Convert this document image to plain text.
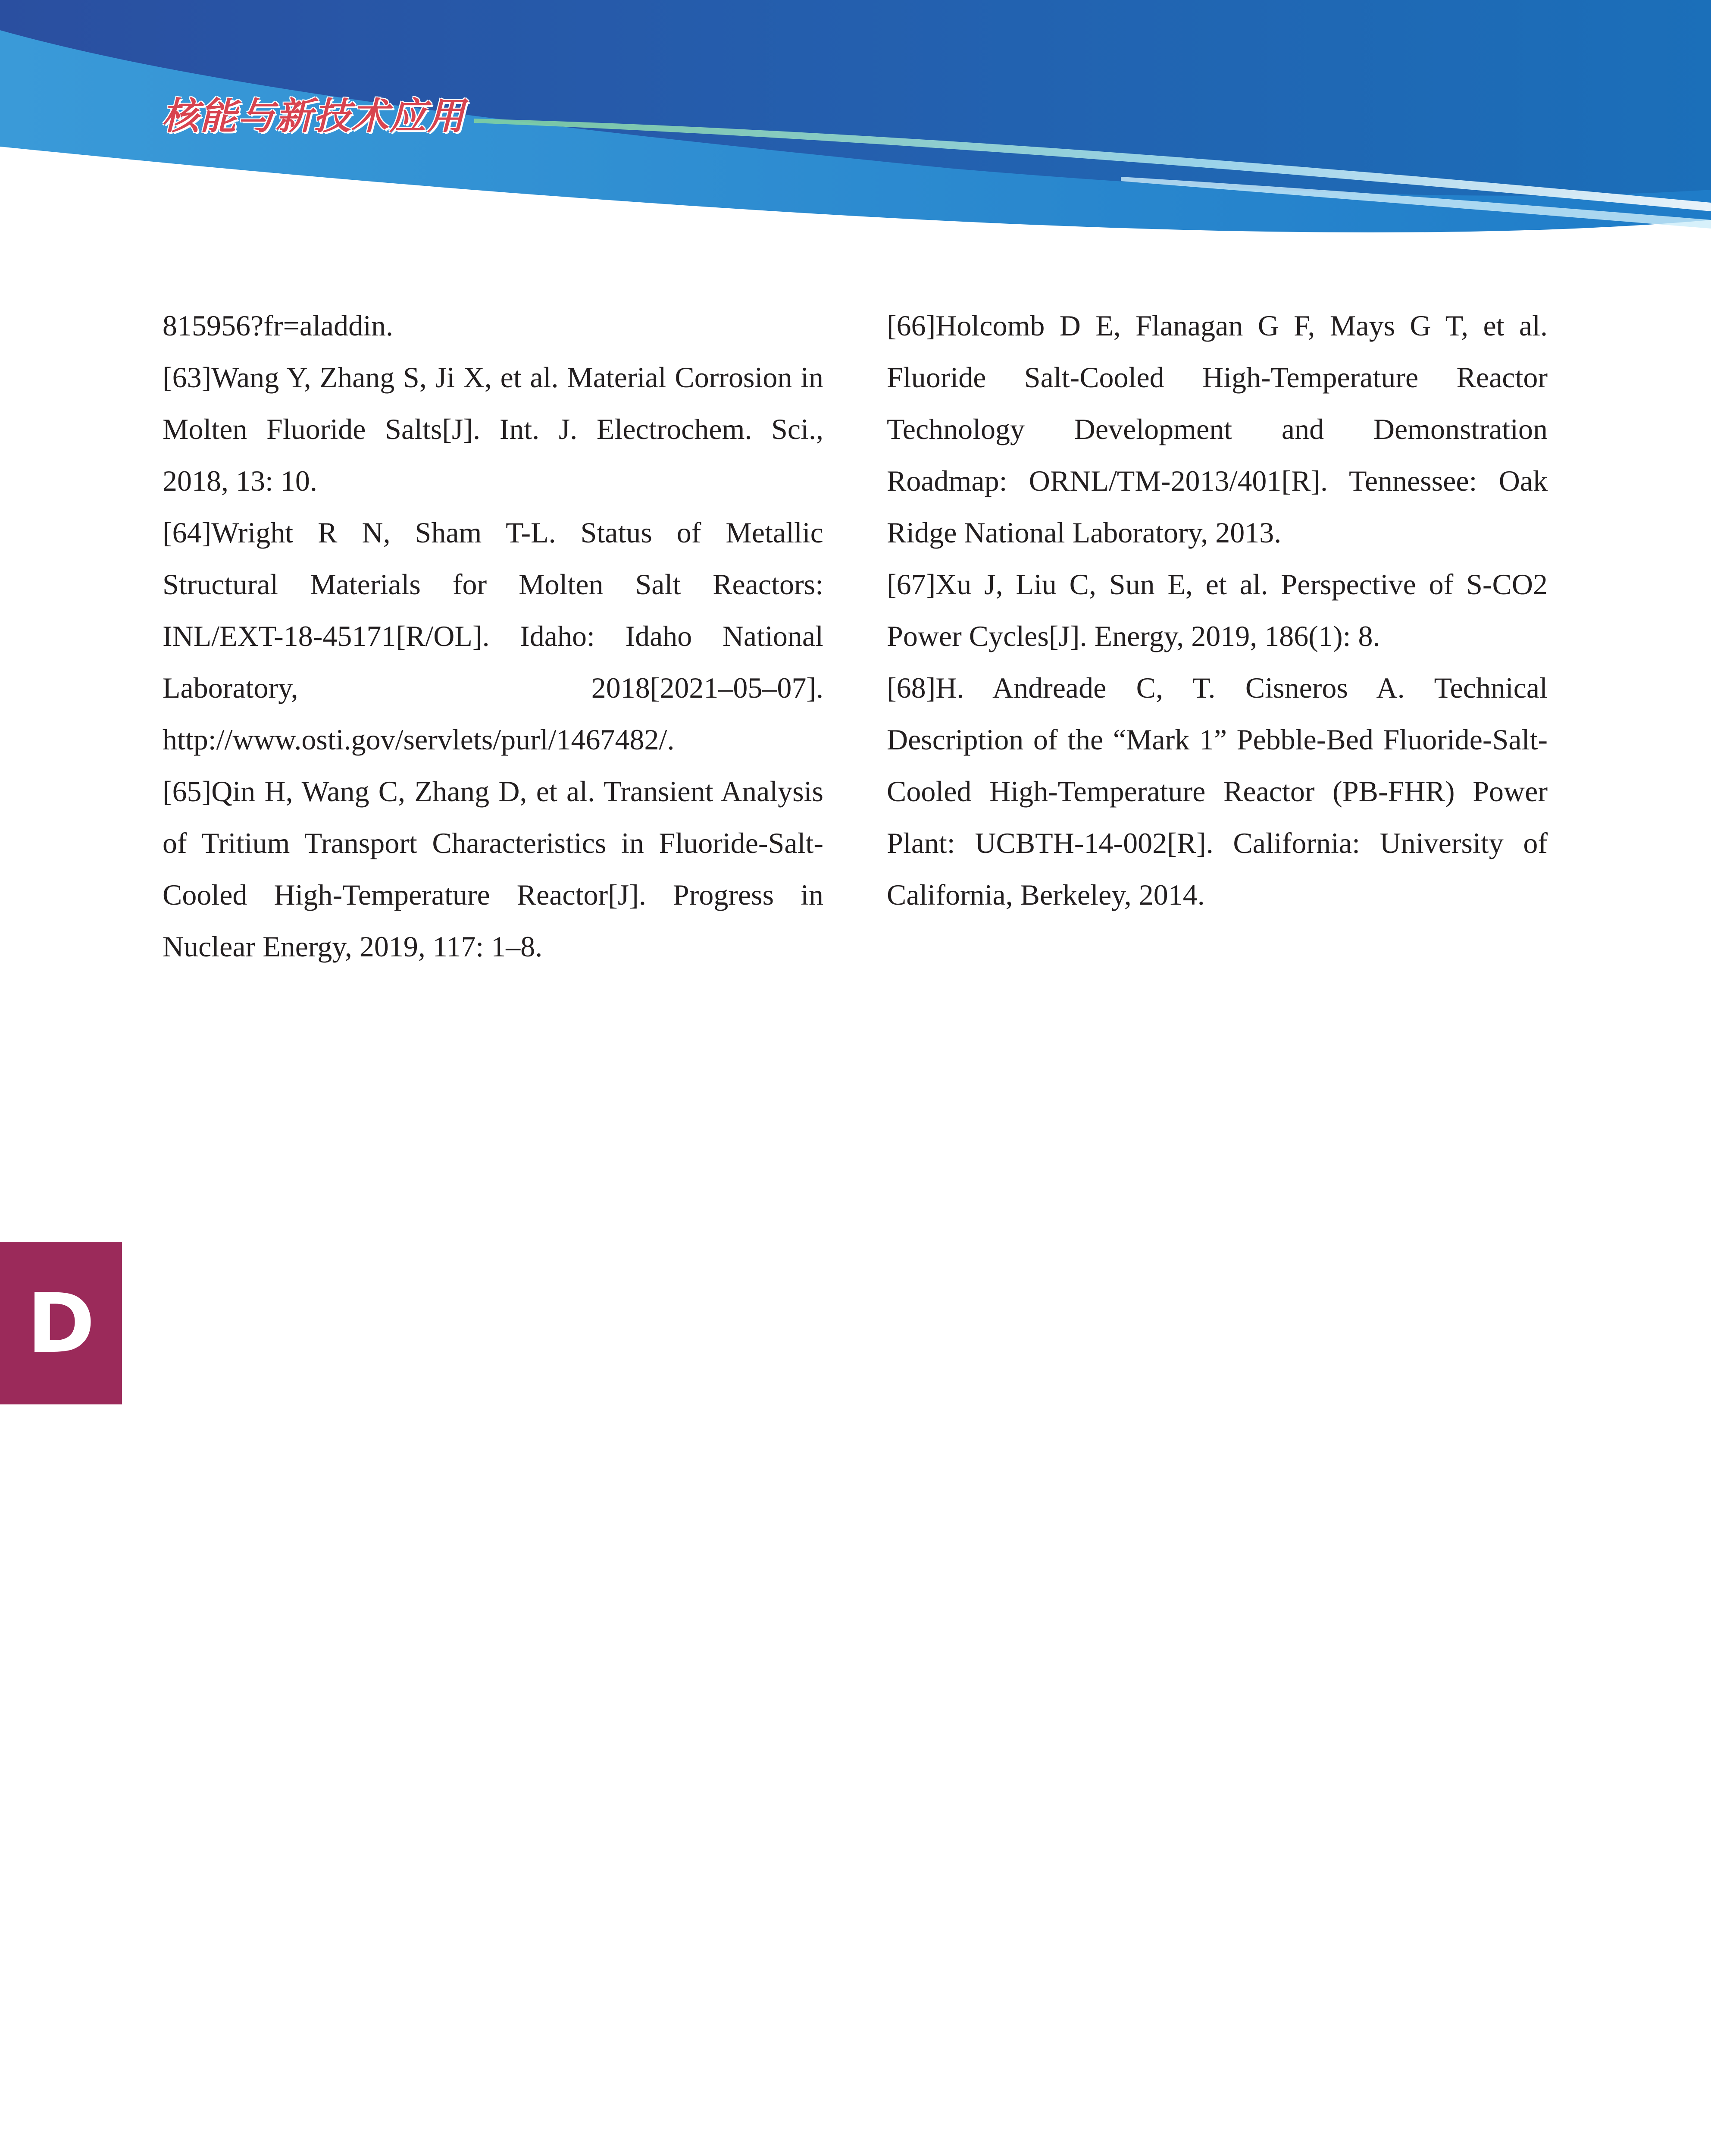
核能与新技术应用

815956?fr=aladdin.

[63]Wang Y, Zhang S, Ji X, et al. Material Corrosion in Molten Fluoride Salts[J]. Int. J. Electrochem. Sci., 2018, 13: 10.

[64]Wright R N, Sham T-L. Status of Metallic Structural Materials for Molten Salt Reactors: INL/EXT-18-45171[R/OL]. Idaho: Idaho National Laboratory, 2018[2021–05–07]. http://www.osti.gov/servlets/purl/1467482/.

[65]Qin H, Wang C, Zhang D, et al. Transient Analysis of Tritium Transport Characteristics in Fluoride-Salt-Cooled High-Temperature Reactor[J]. Progress in Nuclear Energy, 2019, 117: 1–8.

[66]Holcomb D E, Flanagan G F, Mays G T, et al. Fluoride Salt-Cooled High-Temperature Reactor Technology Development and Demonstration Roadmap: ORNL/TM-2013/401[R]. Tennessee: Oak Ridge National Laboratory, 2013.

[67]Xu J, Liu C, Sun E, et al. Perspective of S-CO2 Power Cycles[J]. Energy, 2019, 186(1): 8.

[68]H. Andreade C, T. Cisneros A. Technical Description of the “Mark 1” Pebble-Bed Fluoride-Salt-Cooled High-Temperature Reactor (PB-FHR) Power Plant: UCBTH-14-002[R]. California: University of California, Berkeley, 2014.

D
